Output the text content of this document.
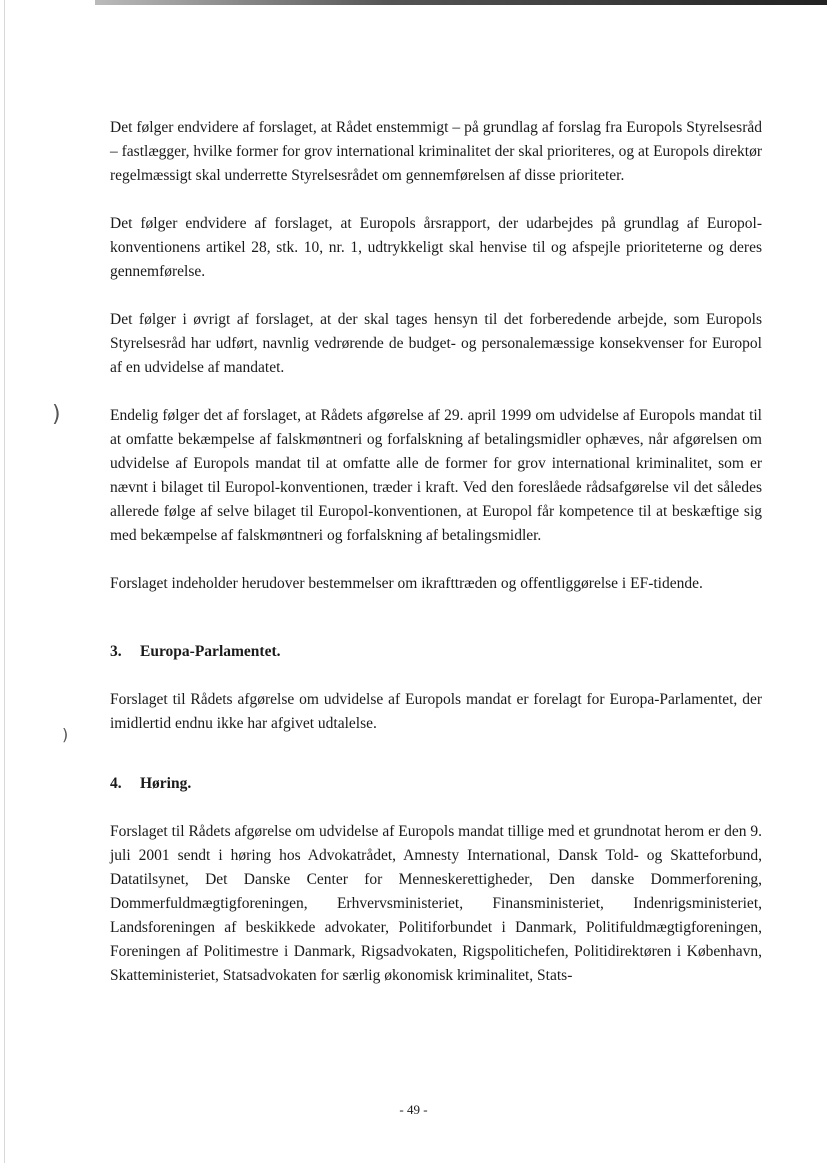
)
)

Det følger endvidere af forslaget, at Rådet enstemmigt – på grundlag af forslag fra Europols Styrelsesråd – fastlægger, hvilke former for grov international kriminalitet der skal prioriteres, og at Europols direktør regelmæssigt skal underrette Styrelsesrådet om gennemførelsen af disse prioriteter.

Det følger endvidere af forslaget, at Europols årsrapport, der udarbejdes på grundlag af Europol-konventionens artikel 28, stk. 10, nr. 1, udtrykkeligt skal henvise til og afspejle prioriteterne og deres gennemførelse.

Det følger i øvrigt af forslaget, at der skal tages hensyn til det forberedende arbejde, som Europols Styrelsesråd har udført, navnlig vedrørende de budget- og personalemæssige konsekvenser for Europol af en udvidelse af mandatet.

Endelig følger det af forslaget, at Rådets afgørelse af 29. april 1999 om udvidelse af Europols mandat til at omfatte bekæmpelse af falskmøntneri og forfalskning af betalingsmidler ophæves, når afgørelsen om udvidelse af Europols mandat til at omfatte alle de former for grov international kriminalitet, som er nævnt i bilaget til Europol-konventionen, træder i kraft. Ved den foreslåede rådsafgørelse vil det således allerede følge af selve bilaget til Europol-konventionen, at Europol får kompetence til at beskæftige sig med bekæmpelse af falskmøntneri og forfalskning af betalingsmidler.

Forslaget indeholder herudover bestemmelser om ikrafttræden og offentliggørelse i EF-tidende.

3. Europa-Parlamentet.

Forslaget til Rådets afgørelse om udvidelse af Europols mandat er forelagt for Europa-Parlamentet, der imidlertid endnu ikke har afgivet udtalelse.

4. Høring.

Forslaget til Rådets afgørelse om udvidelse af Europols mandat tillige med et grundnotat herom er den 9. juli 2001 sendt i høring hos Advokatrådet, Amnesty International, Dansk Told- og Skatteforbund, Datatilsynet, Det Danske Center for Menneskerettigheder, Den danske Dommerforening, Dommerfuldmægtigforeningen, Erhvervsministeriet, Finansministeriet, Indenrigsministeriet, Landsforeningen af beskikkede advokater, Politiforbundet i Danmark, Politifuldmægtigforeningen, Foreningen af Politimestre i Danmark, Rigsadvokaten, Rigspolitichefen, Politidirektøren i København, Skatteministeriet, Statsadvokaten for særlig økonomisk kriminalitet, Stats-

- 49 -
